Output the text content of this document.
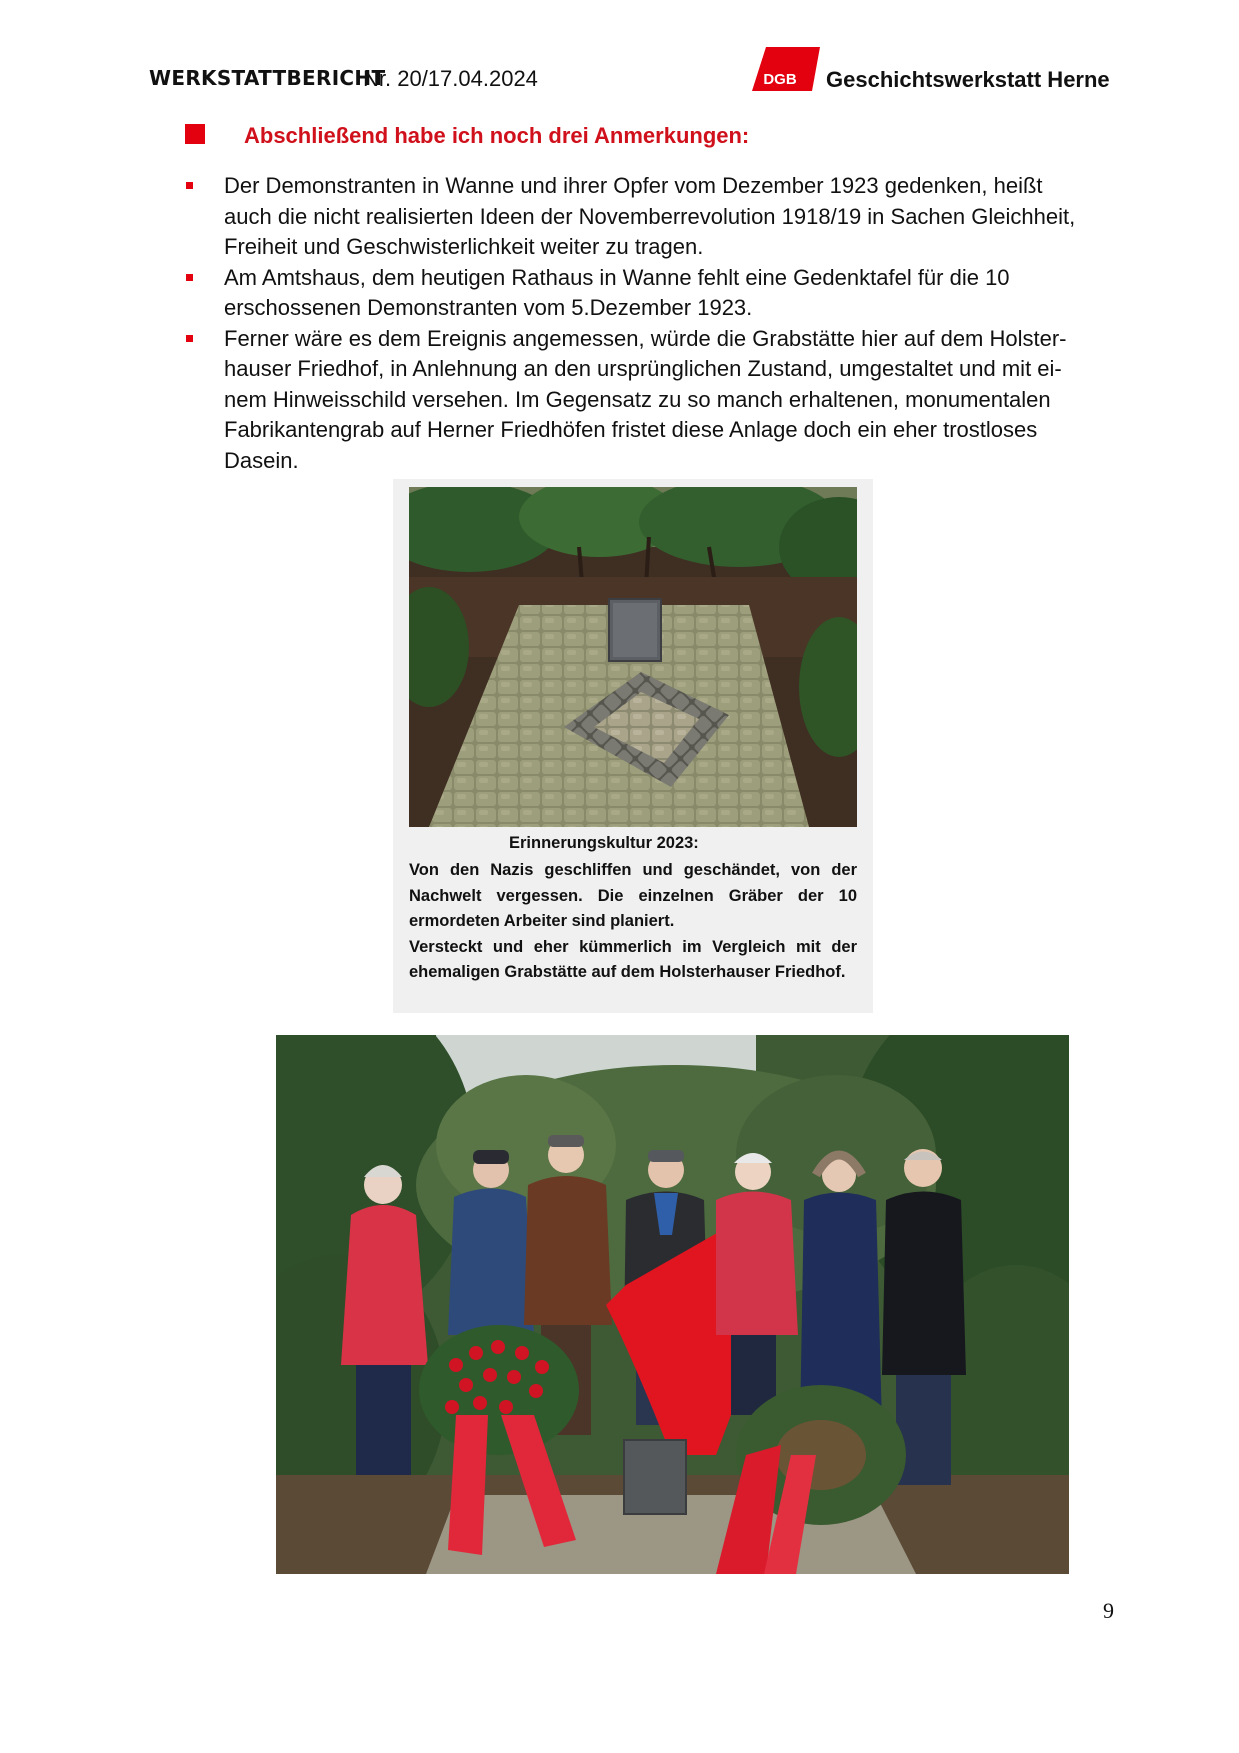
WERKSTATTBERICHT
Nr. 20/17.04.2024	DGB Geschichtswerkstatt Herne
Abschließend habe ich noch drei Anmerkungen:
Der Demonstranten in Wanne und ihrer Opfer vom Dezember 1923 gedenken, heißt
auch die nicht realisierten Ideen der Novemberrevolution 1918/19 in Sachen Gleichheit,
Freiheit und Geschwisterlichkeit weiter zu tragen.
Am Amtshaus, dem heutigen Rathaus in Wanne fehlt eine Gedenktafel für die 10
erschossenen Demonstranten vom 5.Dezember 1923.
Ferner wäre es dem Ereignis angemessen, würde die Grabstätte hier auf dem Holster-
hauser Friedhof, in Anlehnung an den ursprünglichen Zustand, umgestaltet und mit ei-
nem Hinweisschild versehen. Im Gegensatz zu so manch erhaltenen, monumentalen
Fabrikantengrab auf Herner Friedhöfen fristet diese Anlage doch ein eher trostloses
Dasein.
Erinnerungskultur 2023:

Von den Nazis geschliffen und geschändet, von der Nachwelt vergessen. Die einzelnen Gräber der 10 ermordeten Arbeiter sind planiert.

Versteckt und eher kümmerlich im Vergleich mit der ehemaligen Grabstätte auf dem Holsterhauser Friedhof.

9
